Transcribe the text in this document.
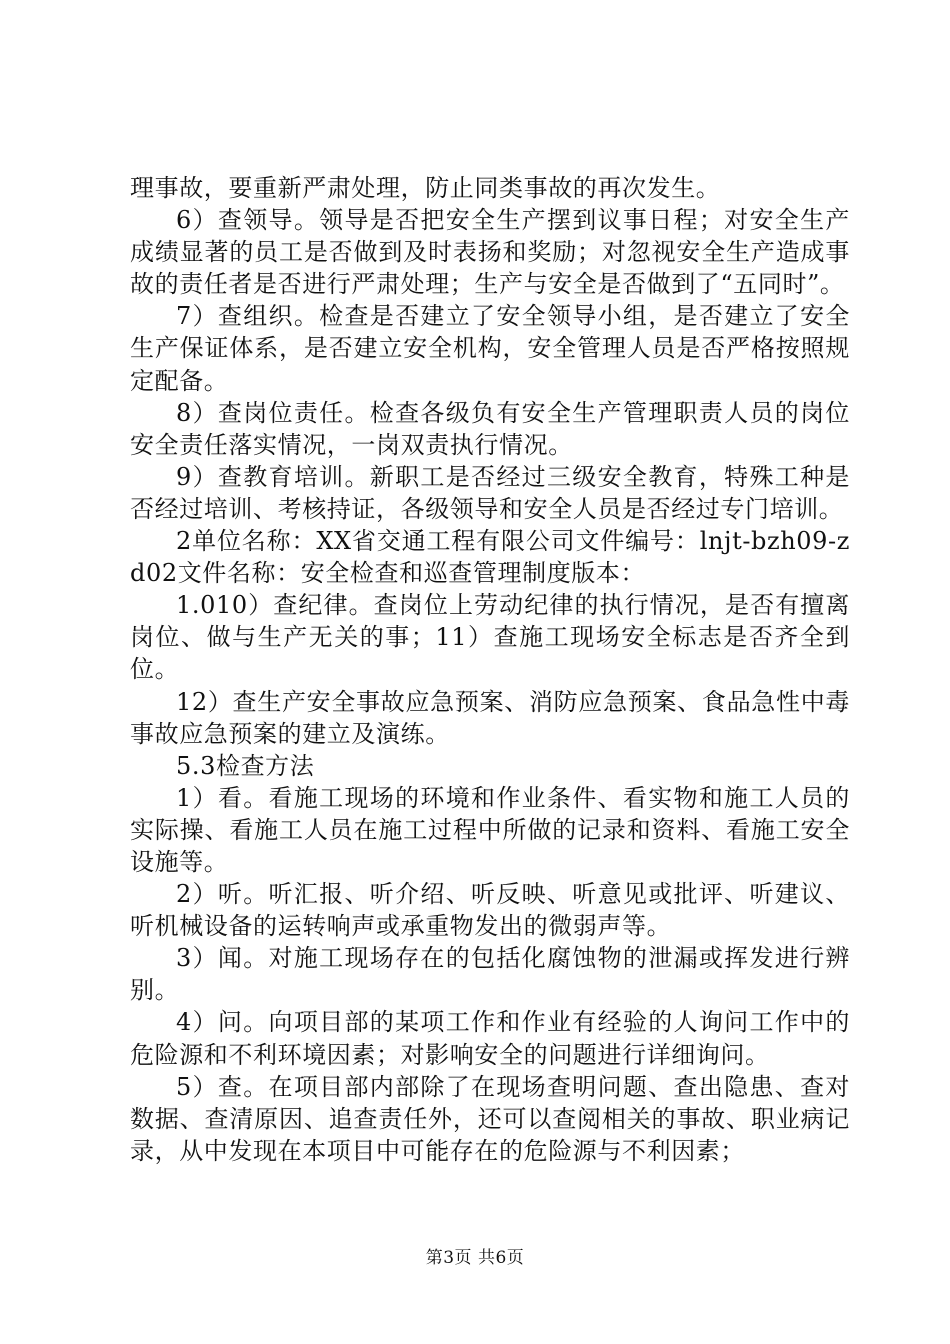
理事故，要重新严肃处理，防止同类事故的再次发生。

6）查领导。领导是否把安全生产摆到议事日程；对安全生产成绩显著的员工是否做到及时表扬和奖励；对忽视安全生产造成事故的责任者是否进行严肃处理；生产与安全是否做到了“五同时”。

7）查组织。检查是否建立了安全领导小组，是否建立了安全生产保证体系，是否建立安全机构，安全管理人员是否严格按照规定配备。

8）查岗位责任。检查各级负有安全生产管理职责人员的岗位安全责任落实情况，一岗双责执行情况。

9）查教育培训。新职工是否经过三级安全教育，特殊工种是否经过培训、考核持证，各级领导和安全人员是否经过专门培训。

2单位名称：XX省交通工程有限公司文件编号：lnjt-bzh09-zd02文件名称：安全检查和巡查管理制度版本：

1.010）查纪律。查岗位上劳动纪律的执行情况，是否有擅离岗位、做与生产无关的事；11）查施工现场安全标志是否齐全到位。

12）查生产安全事故应急预案、消防应急预案、食品急性中毒事故应急预案的建立及演练。

5.3检查方法

1）看。看施工现场的环境和作业条件、看实物和施工人员的实际操、看施工人员在施工过程中所做的记录和资料、看施工安全设施等。

2）听。听汇报、听介绍、听反映、听意见或批评、听建议、听机械设备的运转响声或承重物发出的微弱声等。

3）闻。对施工现场存在的包括化腐蚀物的泄漏或挥发进行辨别。

4）问。向项目部的某项工作和作业有经验的人询问工作中的危险源和不利环境因素；对影响安全的问题进行详细询问。

5）查。在项目部内部除了在现场查明问题、查出隐患、查对数据、查清原因、追查责任外，还可以查阅相关的事故、职业病记录，从中发现在本项目中可能存在的危险源与不利因素；

第3页 共6页
